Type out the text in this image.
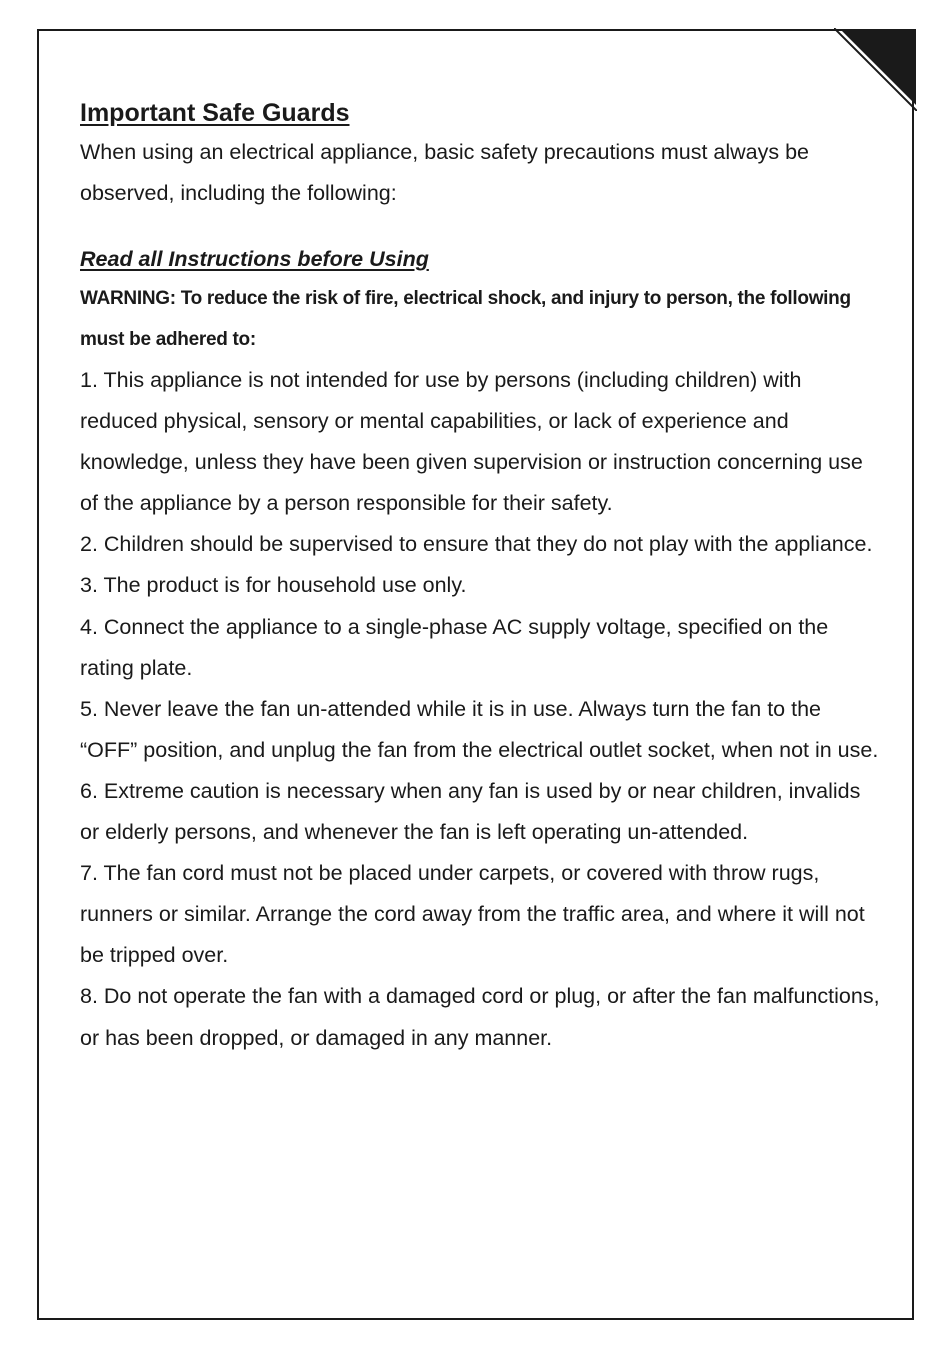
Important Safe Guards

When using an electrical appliance, basic safety precautions must always be observed, including the following:

Read all Instructions before Using

WARNING: To reduce the risk of fire, electrical shock, and injury to person, the following must be adhered to:

1. This appliance is not intended for use by persons (including children) with reduced physical, sensory or mental capabilities, or lack of experience and knowledge, unless they have been given supervision or instruction concerning use of the appliance by a person responsible for their safety.

2. Children should be supervised to ensure that they do not play with the appliance.

3. The product is for household use only.

4. Connect the appliance to a single-phase AC supply voltage, specified on the rating plate.

5. Never leave the fan un-attended while it is in use. Always turn the fan to the “OFF” position, and unplug the fan from the electrical outlet socket, when not in use.

6. Extreme caution is necessary when any fan is used by or near children, invalids or elderly persons, and whenever the fan is left operating un-attended.

7. The fan cord must not be placed under carpets, or covered with throw rugs, runners or similar. Arrange the cord away from the traffic area, and where it will not be tripped over.

8. Do not operate the fan with a damaged cord or plug, or after the fan malfunctions, or has been dropped, or damaged in any manner.
